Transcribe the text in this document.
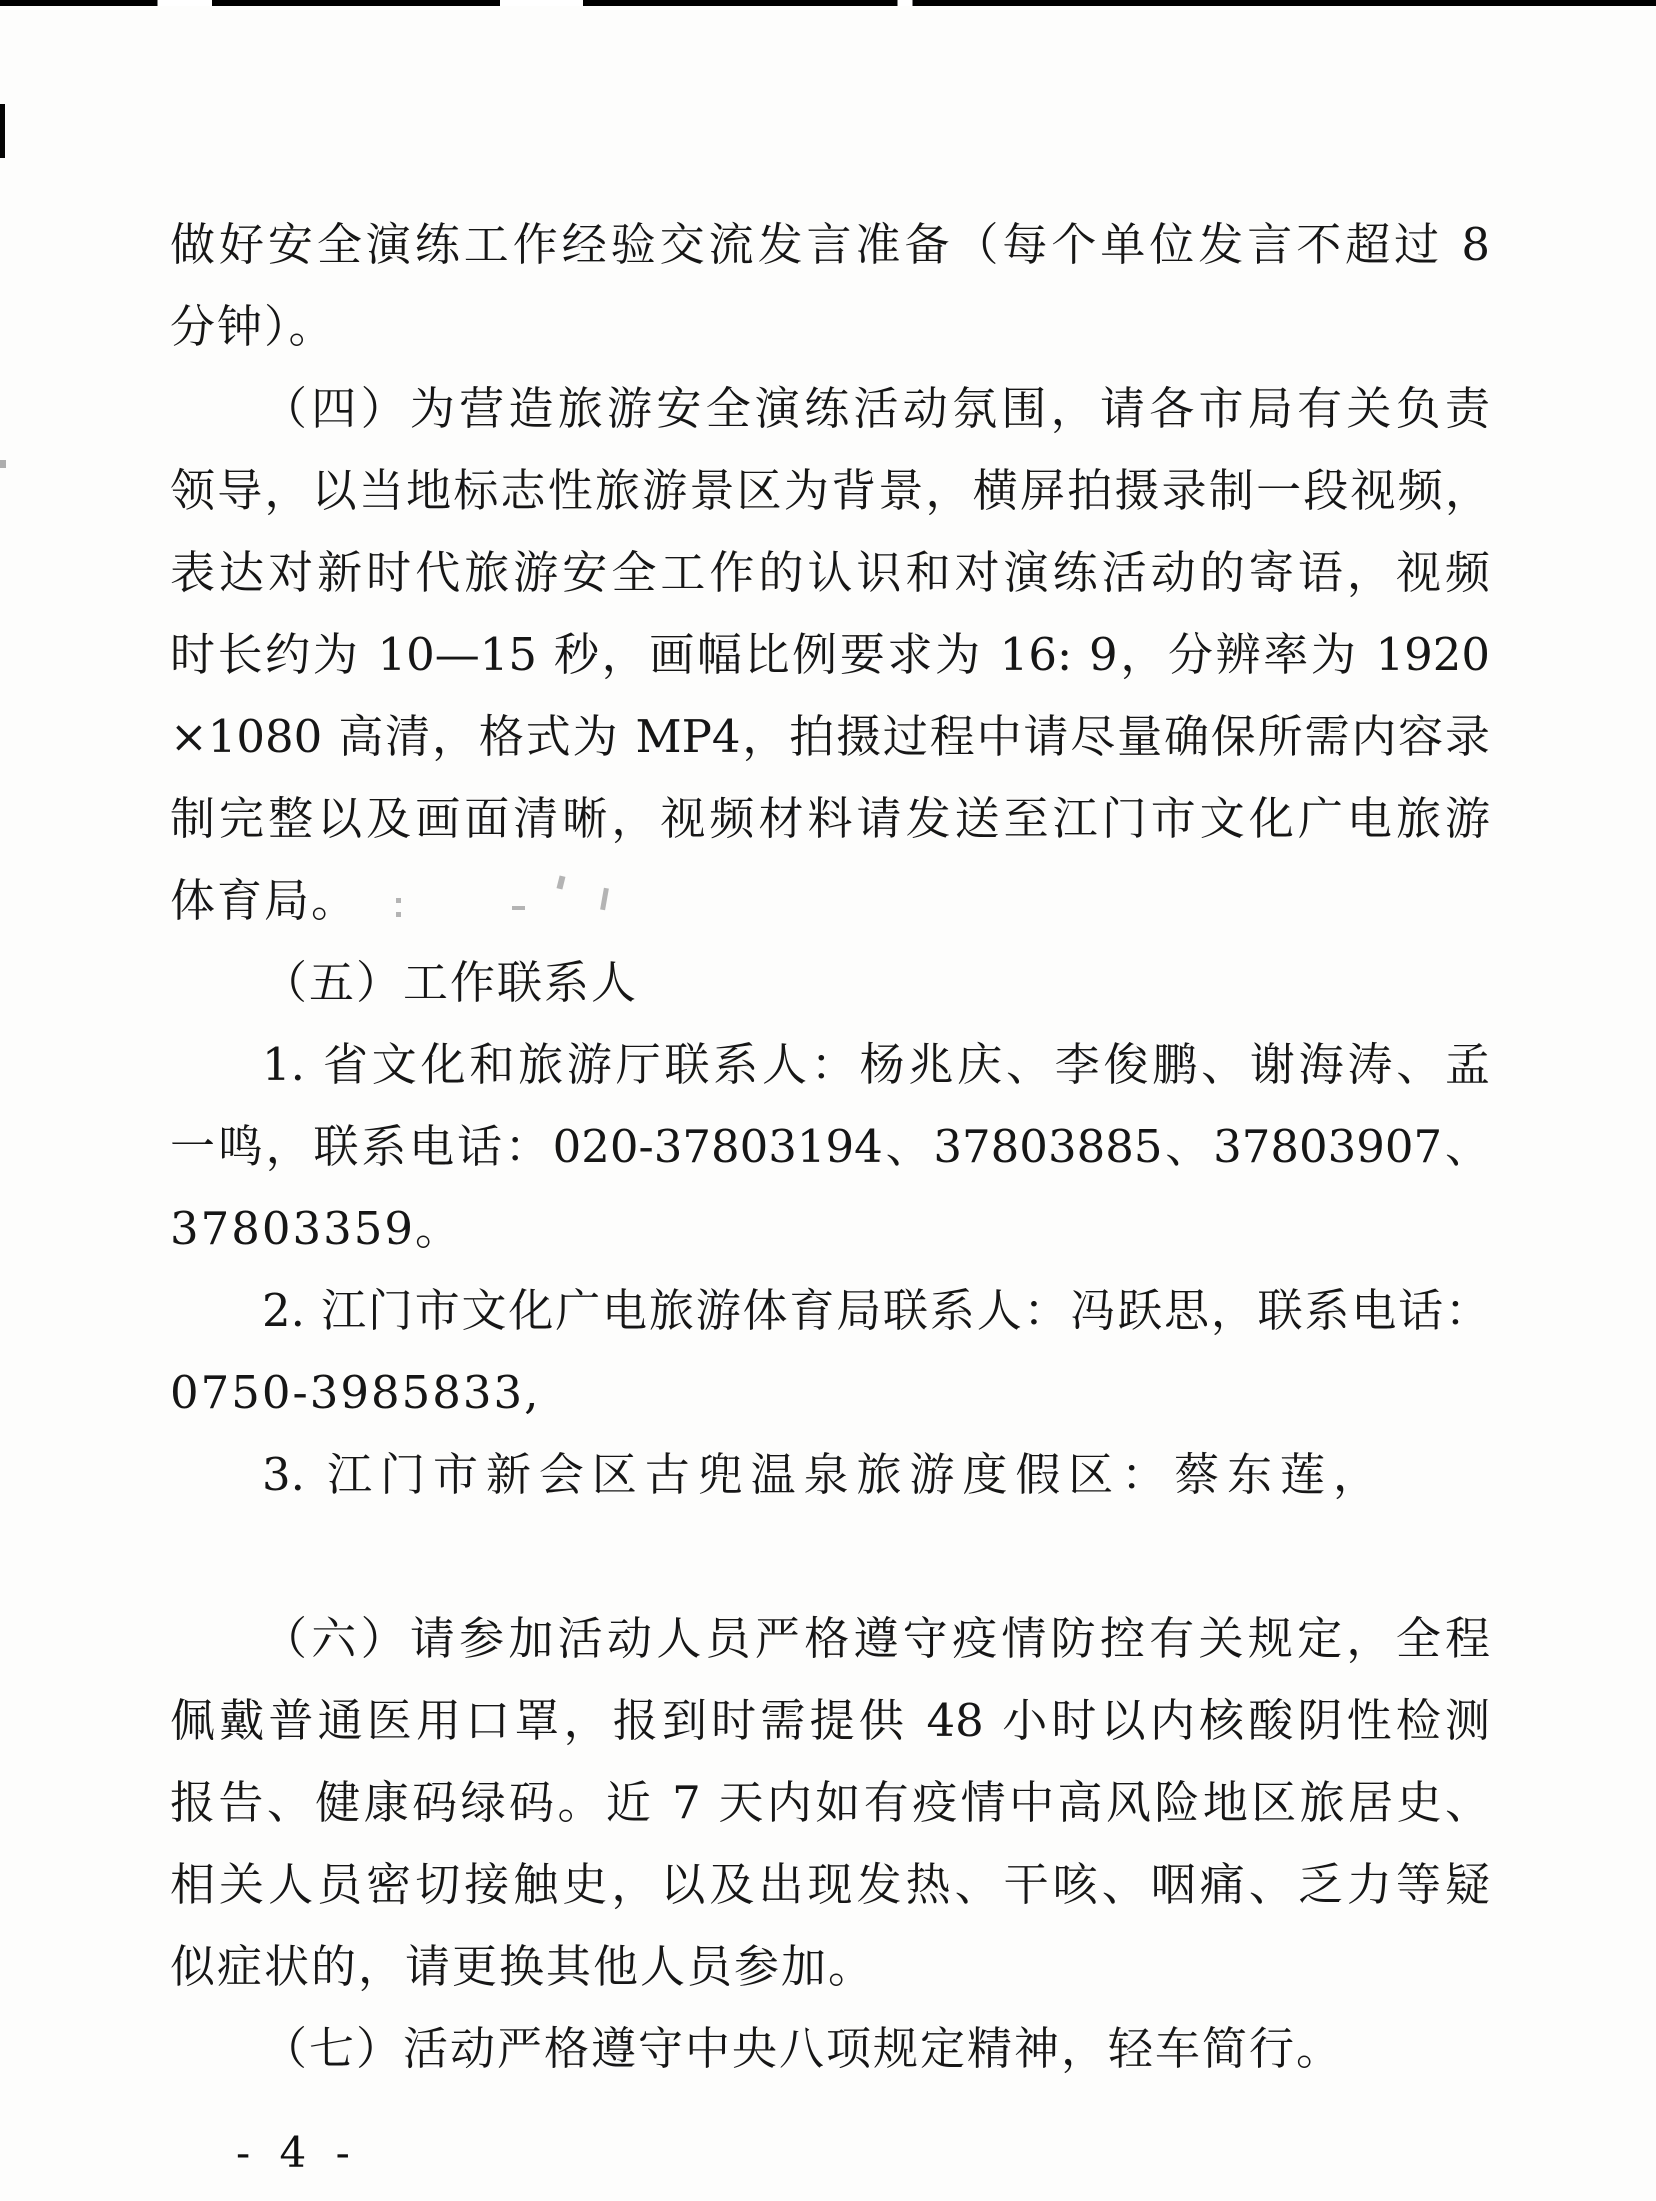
做好安全演练工作经验交流发言准备（每个单位发言不超过 8
分钟）。
（四）为营造旅游安全演练活动氛围，请各市局有关负责
领导，以当地标志性旅游景区为背景，横屏拍摄录制一段视频，
表达对新时代旅游安全工作的认识和对演练活动的寄语，视频
时长约为 10—15 秒，画幅比例要求为 16: 9，分辨率为 1920
×1080 高清，格式为 MP4，拍摄过程中请尽量确保所需内容录
制完整以及画面清晰，视频材料请发送至江门市文化广电旅游
体育局。
（五）工作联系人
1. 省文化和旅游厅联系人：杨兆庆、李俊鹏、谢海涛、孟
一鸣，联系电话：020-37803194、37803885、37803907、
37803359。
2. 江门市文化广电旅游体育局联系人：冯跃思，联系电话：
0750-3985833,
3. 江门市新会区古兜温泉旅游度假区：蔡东莲，
（六）请参加活动人员严格遵守疫情防控有关规定，全程
佩戴普通医用口罩，报到时需提供 48 小时以内核酸阴性检测
报告、健康码绿码。近 7 天内如有疫情中高风险地区旅居史、
相关人员密切接触史，以及出现发热、干咳、咽痛、乏力等疑
似症状的，请更换其他人员参加。
（七）活动严格遵守中央八项规定精神，轻车简行。
- 4 -
